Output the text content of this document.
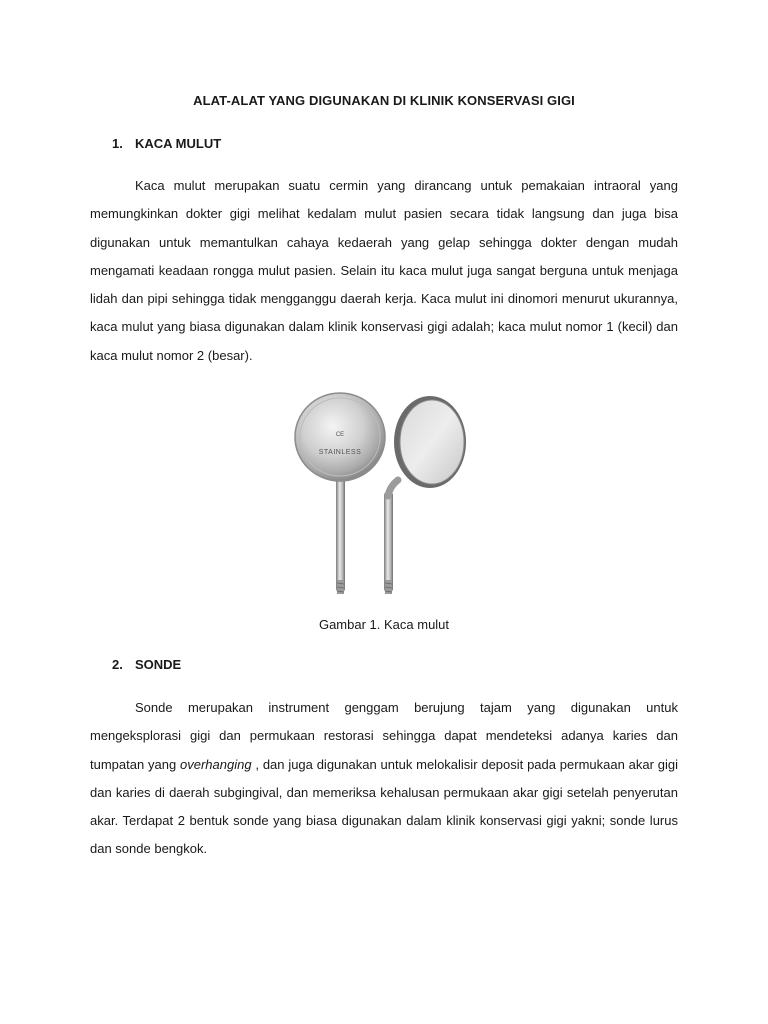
ALAT-ALAT YANG DIGUNAKAN DI KLINIK KONSERVASI GIGI
1. KACA MULUT

Kaca mulut merupakan suatu cermin yang dirancang untuk pemakaian intraoral yang memungkinkan dokter gigi melihat kedalam mulut pasien secara tidak langsung dan juga bisa digunakan untuk memantulkan cahaya kedaerah yang gelap sehingga dokter dengan mudah mengamati keadaan rongga mulut pasien. Selain itu kaca mulut juga sangat berguna untuk menjaga lidah dan pipi sehingga tidak mengganggu daerah kerja. Kaca mulut ini dinomori menurut ukurannya, kaca mulut yang biasa digunakan dalam klinik konservasi gigi adalah; kaca mulut nomor 1 (kecil) dan kaca mulut nomor 2 (besar).

CE
STAINLESS
Gambar 1. Kaca mulut
2. SONDE

Sonde merupakan instrument genggam berujung tajam yang digunakan untuk mengeksplorasi gigi dan permukaan restorasi sehingga dapat mendeteksi adanya karies dan tumpatan yang overhanging , dan juga digunakan untuk melokalisir deposit pada permukaan akar gigi dan karies di daerah subgingival, dan memeriksa kehalusan permukaan akar gigi setelah penyerutan akar. Terdapat 2 bentuk sonde yang biasa digunakan dalam klinik konservasi gigi yakni; sonde lurus dan sonde bengkok.
